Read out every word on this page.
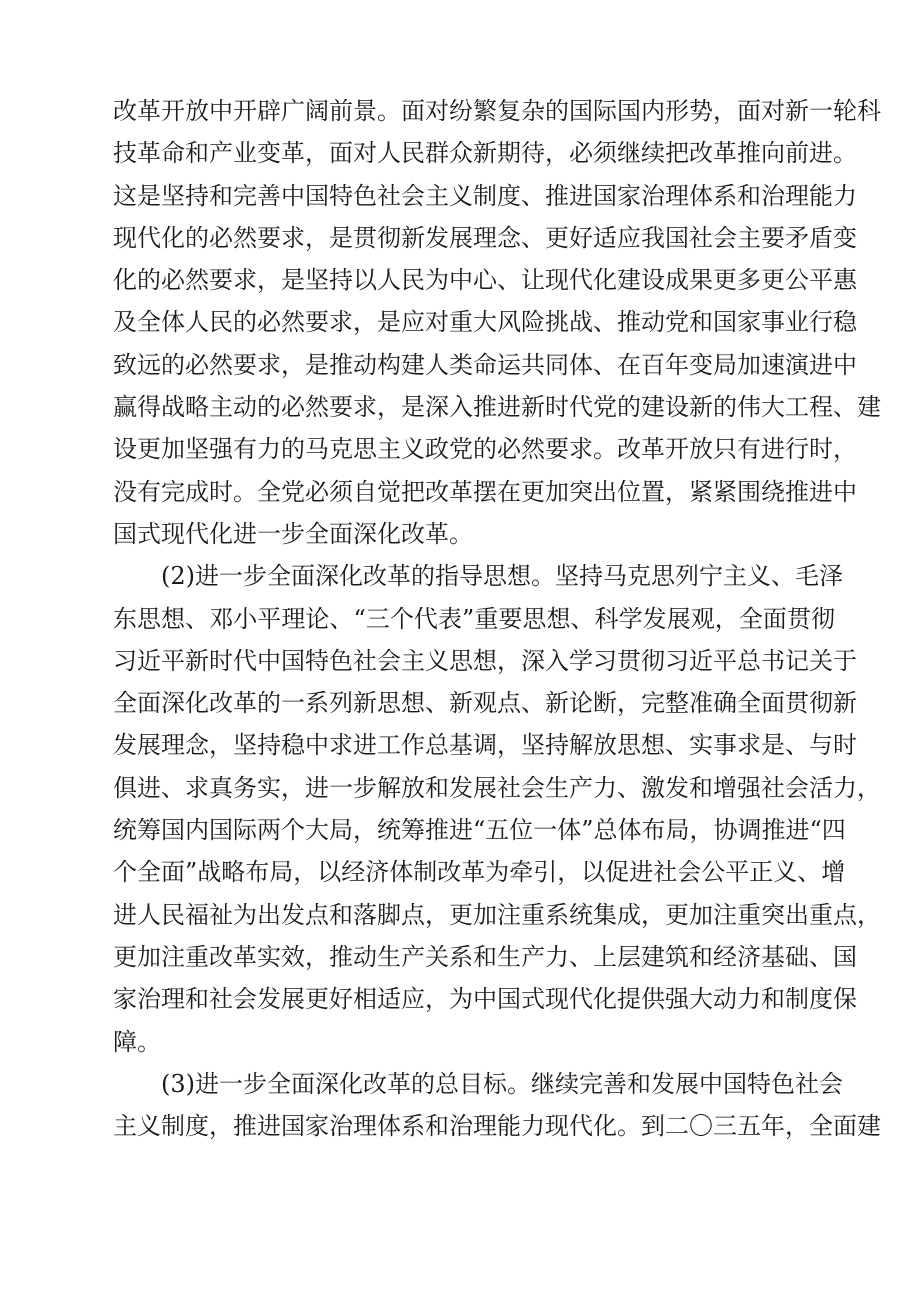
改革开放中开辟广阔前景。面对纷繁复杂的国际国内形势，面对新一轮科
技革命和产业变革，面对人民群众新期待，必须继续把改革推向前进。
这是坚持和完善中国特色社会主义制度、推进国家治理体系和治理能力
现代化的必然要求，是贯彻新发展理念、更好适应我国社会主要矛盾变
化的必然要求，是坚持以人民为中心、让现代化建设成果更多更公平惠
及全体人民的必然要求，是应对重大风险挑战、推动党和国家事业行稳
致远的必然要求，是推动构建人类命运共同体、在百年变局加速演进中
赢得战略主动的必然要求，是深入推进新时代党的建设新的伟大工程、建
设更加坚强有力的马克思主义政党的必然要求。改革开放只有进行时，
没有完成时。全党必须自觉把改革摆在更加突出位置，紧紧围绕推进中
国式现代化进一步全面深化改革。
(2)进一步全面深化改革的指导思想。坚持马克思列宁主义、毛泽
东思想、邓小平理论、“三个代表”重要思想、科学发展观，全面贯彻
习近平新时代中国特色社会主义思想，深入学习贯彻习近平总书记关于
全面深化改革的一系列新思想、新观点、新论断，完整准确全面贯彻新
发展理念，坚持稳中求进工作总基调，坚持解放思想、实事求是、与时
俱进、求真务实，进一步解放和发展社会生产力、激发和增强社会活力，
统筹国内国际两个大局，统筹推进“五位一体”总体布局，协调推进“四
个全面”战略布局，以经济体制改革为牵引，以促进社会公平正义、增
进人民福祉为出发点和落脚点，更加注重系统集成，更加注重突出重点，
更加注重改革实效，推动生产关系和生产力、上层建筑和经济基础、国
家治理和社会发展更好相适应，为中国式现代化提供强大动力和制度保
障。
(3)进一步全面深化改革的总目标。继续完善和发展中国特色社会
主义制度，推进国家治理体系和治理能力现代化。到二〇三五年，全面建
